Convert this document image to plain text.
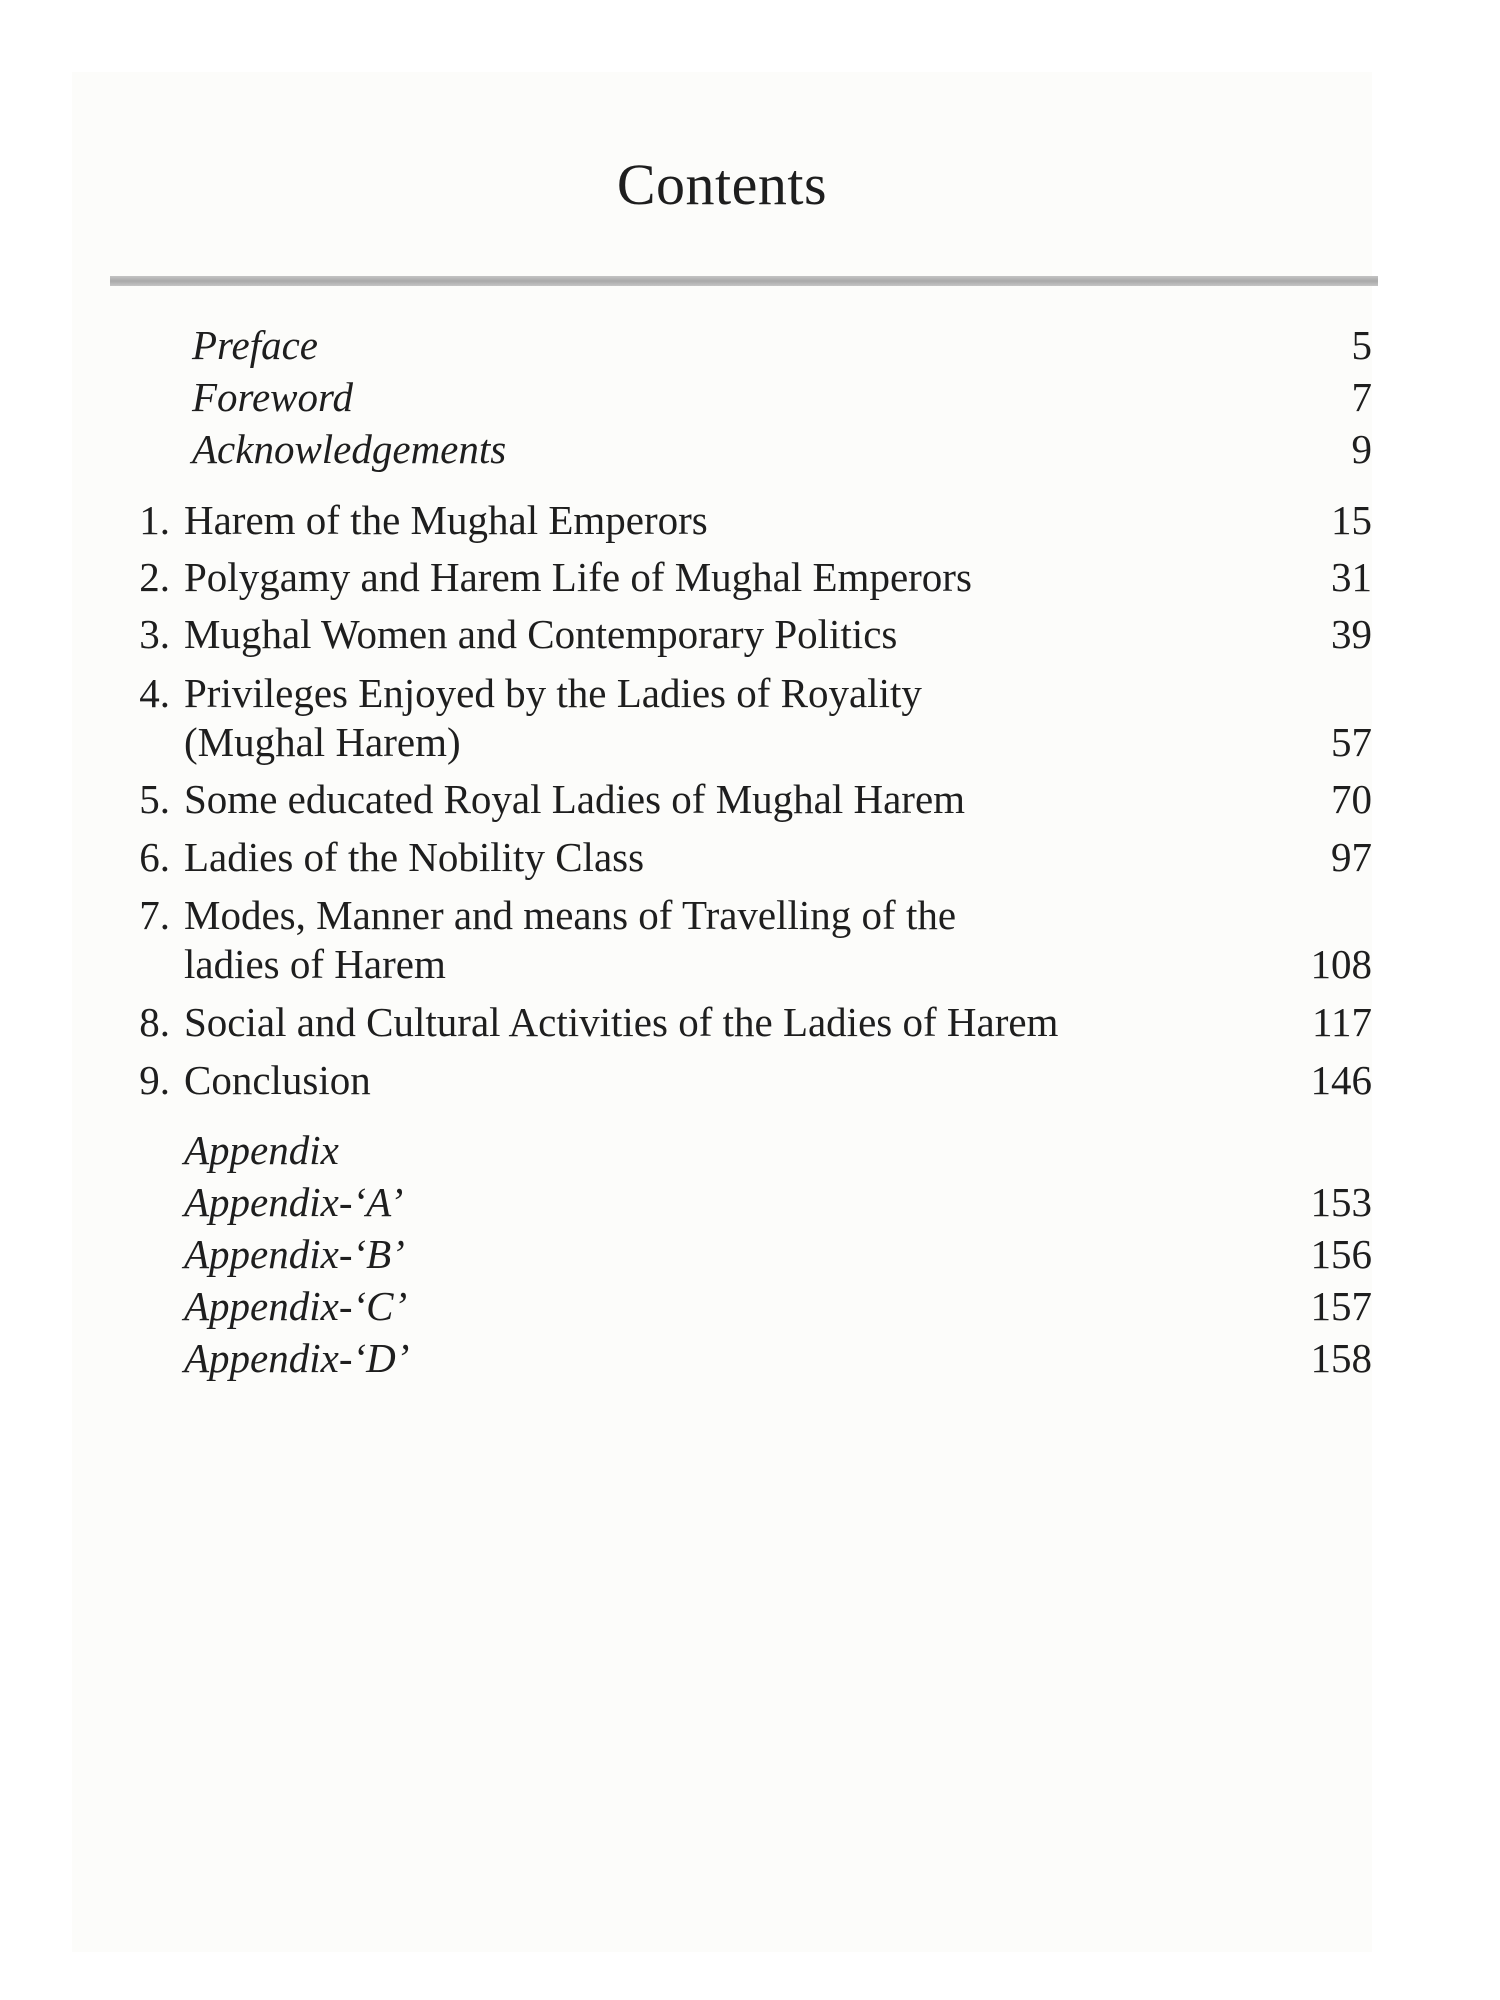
Contents
Preface	5
Foreword	7
Acknowledgements	9
1. Harem of the Mughal Emperors	15
2. Polygamy and Harem Life of Mughal Emperors	31
3. Mughal Women and Contemporary Politics	39
4. Privileges Enjoyed by the Ladies of Royality
(Mughal Harem)	57
5. Some educated Royal Ladies of Mughal Harem	70
6. Ladies of the Nobility Class	97
7. Modes, Manner and means of Travelling of the
ladies of Harem	108
8. Social and Cultural Activities of the Ladies of Harem	117
9. Conclusion	146
Appendix
Appendix-‘A’	153
Appendix-‘B’	156
Appendix-‘C’	157
Appendix-‘D’	158
